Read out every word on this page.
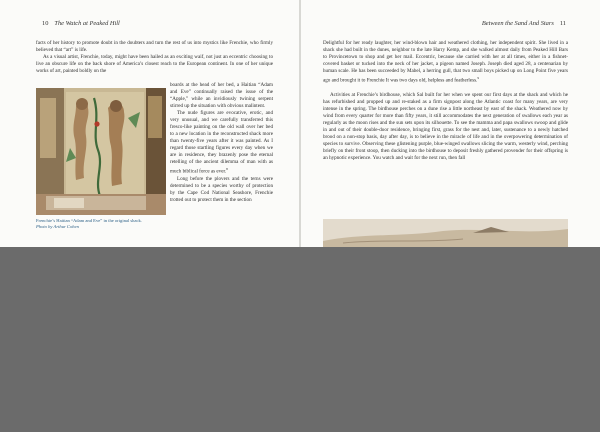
10 The Watch at Peaked Hill

facts of her history to promote doubt in the doubters and turn the rest of us into mystics like Frenchie, who firmly believed that “art” is life.

As a visual artist, Frenchie, today, might have been hailed as an exciting waif, not just an eccentric choosing to live an obscure life on the back shore of America’s closest reach to the European continent. In one of her unique works of art, painted boldly on the

Frenchie’s Haitian “Adam and Eve” in the original shack.
Photo by Arthur Cohen

boards at the head of her bed, a Haitian “Adam and Eve” continually raised the issue of the “Apple,” while an invidiously twining serpent stirred up the situation with obvious malintent.

The nude figures are evocative, erotic, and very unusual, and we carefully transferred this fresco-like painting on the old wall over her bed to a new location in the reconstructed shack more than twenty-five years after it was painted. As I regard those startling figures every day when we are in residence, they brazenly pose the eternal retelling of the ancient dilemma of man with as much biblical force as ever.$^8$

Long before the plovers and the terns were determined to be a species worthy of protection by the Cape Cod National Seashore, Frenchie trotted out to protect them in the section

Between the Sand And Stars 11

Delightful for her ready laughter, her wind-blown hair and weathered clothing, her independent spirit. She lived in a shack she had built in the dunes, neighbor to the late Harry Kemp, and she walked almost daily from Peaked Hill Bars to Provincetown to shop and get her mail. Eccentric, because she carried with her at all times, either in a fishnet-covered basket or tucked into the neck of her jacket, a pigeon named Joseph. Joseph died aged 28, a centenarian by human scale. He has been succeeded by Mabel, a herring gull, that two small boys picked up on Long Point five years ago and brought it to Frenchie It was two days old, helpless and featherless.$^9$

Activities at Frenchie’s birdhouse, which Sal built for her when we spent our first days at the shack and which he has refurbished and propped up and re-staked as a firm signpost along the Atlantic coast for many years, are very intense in the spring. The birdhouse perches on a dune rise a little northeast by east of the shack. Weathered now by wind from every quarter for more than fifty years, it still accommodates the next generation of swallows each year as regularly as the moon rises and the sun sets upon its silhouette. To see the mamma and papa swallows swoop and glide in and out of their double-door residence, bringing first, grass for the nest and, later, sustenance to a newly hatched brood on a non-stop basis, day after day, is to believe in the miracle of life and in the overpowering determination of species to survive. Observing these glistening purple, blue-winged swallows slicing the warm, westerly wind, perching briefly on their front stoop, then ducking into the birdhouse to deposit freshly gathered provender for their offspring is an hypnotic experience. You watch and wait for the next run, then fall
